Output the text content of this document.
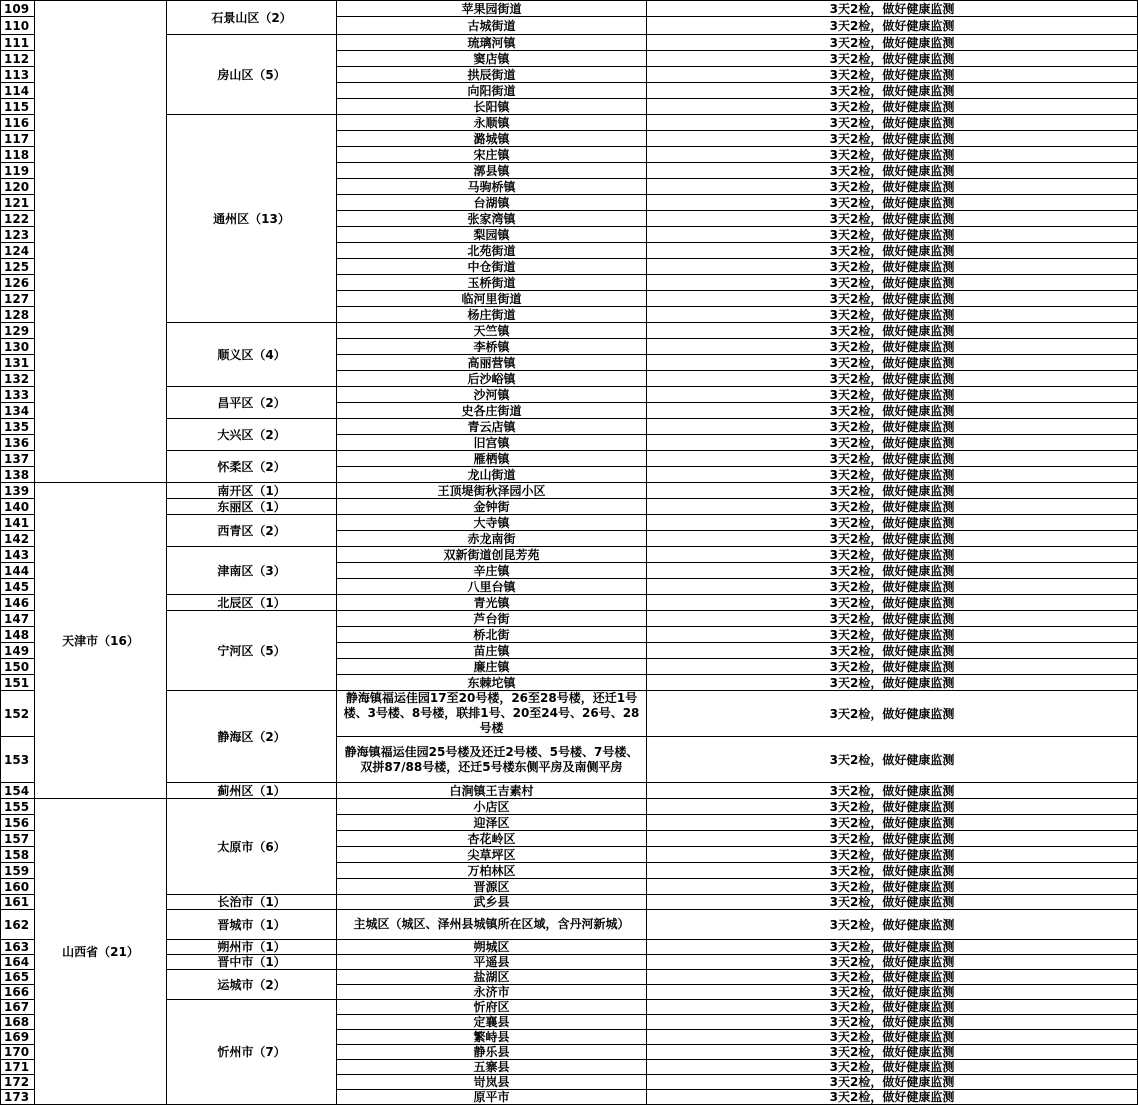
109		石景山区（2）	苹果园街道	3天2检，做好健康监测
110			古城街道	3天2检，做好健康监测
111		房山区（5）	琉璃河镇	3天2检，做好健康监测
112			窦店镇	3天2检，做好健康监测
113			拱辰街道	3天2检，做好健康监测
114			向阳街道	3天2检，做好健康监测
115			长阳镇	3天2检，做好健康监测
116		通州区（13）	永顺镇	3天2检，做好健康监测
117			潞城镇	3天2检，做好健康监测
118			宋庄镇	3天2检，做好健康监测
119			漷县镇	3天2检，做好健康监测
120			马驹桥镇	3天2检，做好健康监测
121			台湖镇	3天2检，做好健康监测
122			张家湾镇	3天2检，做好健康监测
123			梨园镇	3天2检，做好健康监测
124			北苑街道	3天2检，做好健康监测
125			中仓街道	3天2检，做好健康监测
126			玉桥街道	3天2检，做好健康监测
127			临河里街道	3天2检，做好健康监测
128			杨庄街道	3天2检，做好健康监测
129		顺义区（4）	天竺镇	3天2检，做好健康监测
130			李桥镇	3天2检，做好健康监测
131			高丽营镇	3天2检，做好健康监测
132			后沙峪镇	3天2检，做好健康监测
133		昌平区（2）	沙河镇	3天2检，做好健康监测
134			史各庄街道	3天2检，做好健康监测
135		大兴区（2）	青云店镇	3天2检，做好健康监测
136			旧宫镇	3天2检，做好健康监测
137		怀柔区（2）	雁栖镇	3天2检，做好健康监测
138			龙山街道	3天2检，做好健康监测
139	天津市（16）	南开区（1）	王顶堤街秋泽园小区	3天2检，做好健康监测
140		东丽区（1）	金钟街	3天2检，做好健康监测
141		西青区（2）	大寺镇	3天2检，做好健康监测
142			赤龙南街	3天2检，做好健康监测
143		津南区（3）	双新街道创昆芳苑	3天2检，做好健康监测
144			辛庄镇	3天2检，做好健康监测
145			八里台镇	3天2检，做好健康监测
146		北辰区（1）	青光镇	3天2检，做好健康监测
147		宁河区（5）	芦台街	3天2检，做好健康监测
148			桥北街	3天2检，做好健康监测
149			苗庄镇	3天2检，做好健康监测
150			廉庄镇	3天2检，做好健康监测
151			东棘坨镇	3天2检，做好健康监测
152		静海区（2）	静海镇福运佳园17至20号楼，26至28号楼，还迁1号楼、3号楼、8号楼，联排1号、20至24号、26号、28号楼	3天2检，做好健康监测
153			静海镇福运佳园25号楼及还迁2号楼、5号楼、7号楼、双拼87/88号楼，还迁5号楼东侧平房及南侧平房	3天2检，做好健康监测
154		蓟州区（1）	白涧镇王吉素村	3天2检，做好健康监测
155	山西省（21）	太原市（6）	小店区	3天2检，做好健康监测
156			迎泽区	3天2检，做好健康监测
157			杏花岭区	3天2检，做好健康监测
158			尖草坪区	3天2检，做好健康监测
159			万柏林区	3天2检，做好健康监测
160			晋源区	3天2检，做好健康监测
161		长治市（1）	武乡县	3天2检，做好健康监测
162		晋城市（1）	主城区（城区、泽州县城镇所在区域，含丹河新城）	3天2检，做好健康监测
163		朔州市（1）	朔城区	3天2检，做好健康监测
164		晋中市（1）	平遥县	3天2检，做好健康监测
165		运城市（2）	盐湖区	3天2检，做好健康监测
166			永济市	3天2检，做好健康监测
167		忻州市（7）	忻府区	3天2检，做好健康监测
168			定襄县	3天2检，做好健康监测
169			繁峙县	3天2检，做好健康监测
170			静乐县	3天2检，做好健康监测
171			五寨县	3天2检，做好健康监测
172			岢岚县	3天2检，做好健康监测
173			原平市	3天2检，做好健康监测
